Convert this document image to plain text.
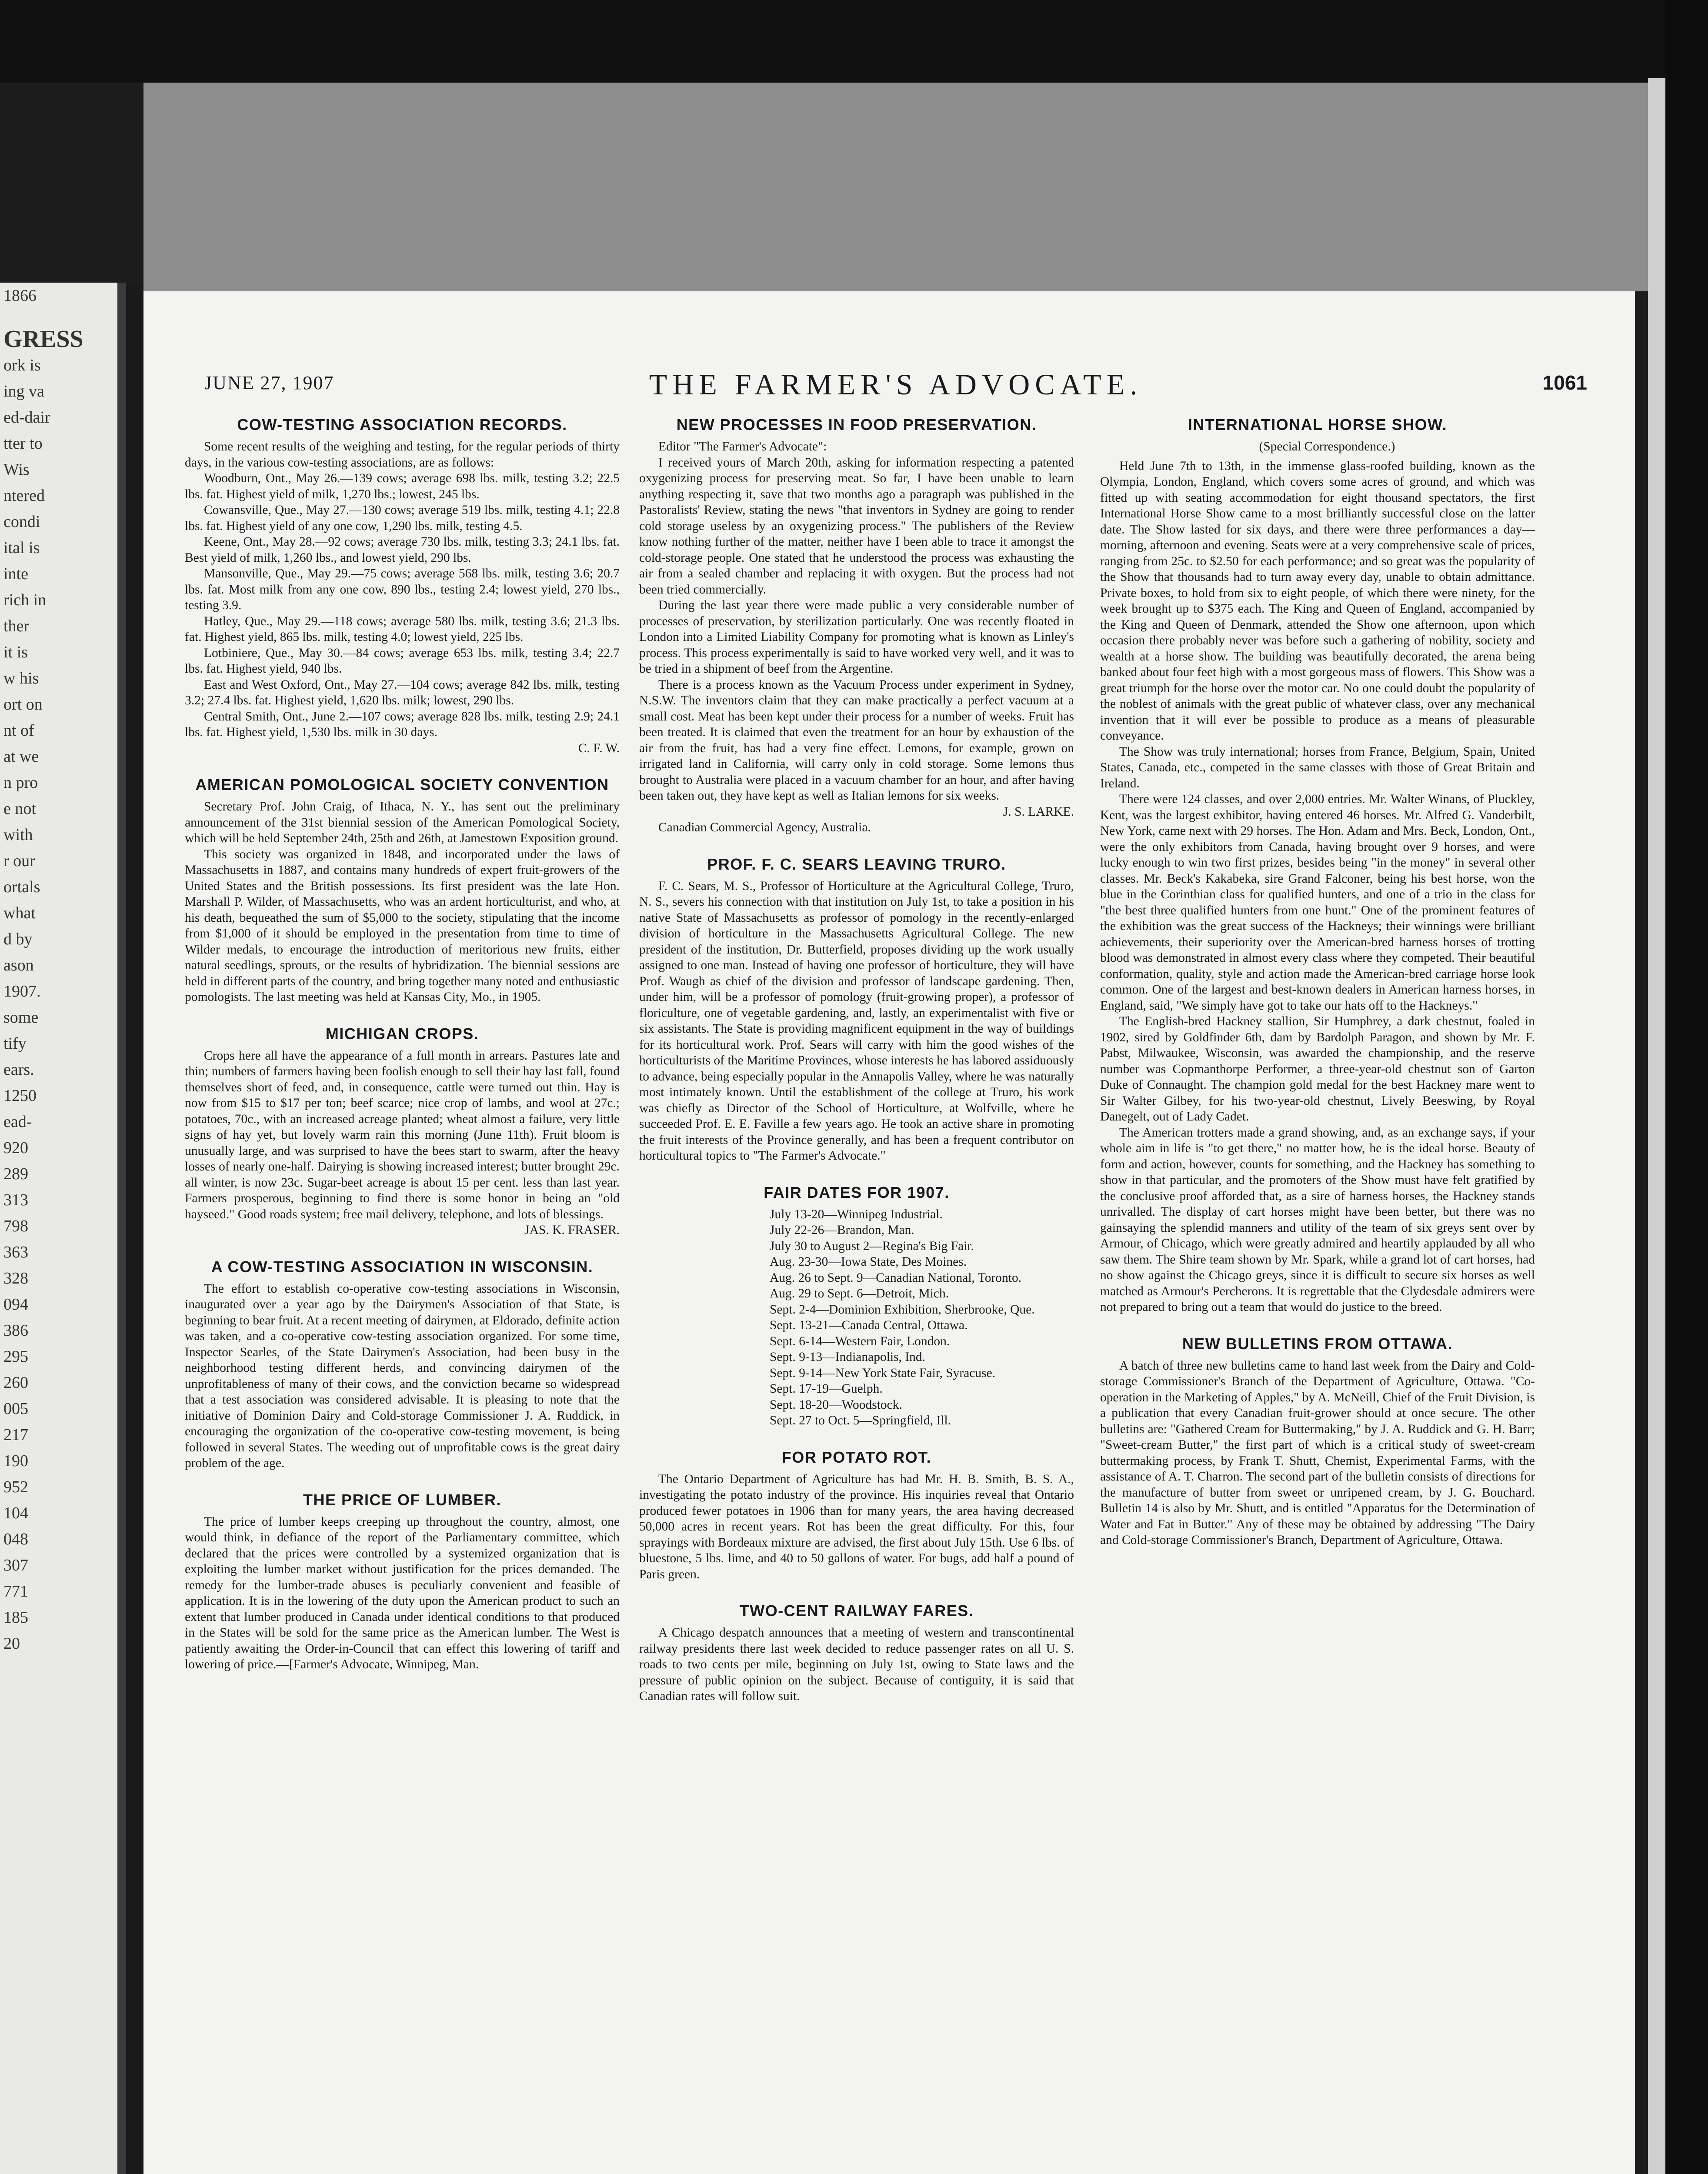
1866
GRESS
ork is
ing va
ed-dair
tter to
Wis
ntered
condi
ital is
inte
rich in
ther
it is
w his
ort on
nt of
at we
n pro
e not
with
r our
ortals
what
d by
ason
1907.
some
tify
ears.
1250
ead-
920
289
313
798
363
328
094
386
295
260
005
217
190
952
104
048
307
771
185
20
JUNE 27, 1907	THE FARMER'S ADVOCATE.	1061
COW-TESTING ASSOCIATION RECORDS.

Some recent results of the weighing and testing, for the regular periods of thirty days, in the various cow-testing associations, are as follows:

Woodburn, Ont., May 26.—139 cows; average 698 lbs. milk, testing 3.2; 22.5 lbs. fat. Highest yield of milk, 1,270 lbs.; lowest, 245 lbs.

Cowansville, Que., May 27.—130 cows; average 519 lbs. milk, testing 4.1; 22.8 lbs. fat. Highest yield of any one cow, 1,290 lbs. milk, testing 4.5.

Keene, Ont., May 28.—92 cows; average 730 lbs. milk, testing 3.3; 24.1 lbs. fat. Best yield of milk, 1,260 lbs., and lowest yield, 290 lbs.

Mansonville, Que., May 29.—75 cows; average 568 lbs. milk, testing 3.6; 20.7 lbs. fat. Most milk from any one cow, 890 lbs., testing 2.4; lowest yield, 270 lbs., testing 3.9.

Hatley, Que., May 29.—118 cows; average 580 lbs. milk, testing 3.6; 21.3 lbs. fat. Highest yield, 865 lbs. milk, testing 4.0; lowest yield, 225 lbs.

Lotbiniere, Que., May 30.—84 cows; average 653 lbs. milk, testing 3.4; 22.7 lbs. fat. Highest yield, 940 lbs.

East and West Oxford, Ont., May 27.—104 cows; average 842 lbs. milk, testing 3.2; 27.4 lbs. fat. Highest yield, 1,620 lbs. milk; lowest, 290 lbs.

Central Smith, Ont., June 2.—107 cows; average 828 lbs. milk, testing 2.9; 24.1 lbs. fat. Highest yield, 1,530 lbs. milk in 30 days.

C. F. W.

AMERICAN POMOLOGICAL SOCIETY CONVENTION

Secretary Prof. John Craig, of Ithaca, N. Y., has sent out the preliminary announcement of the 31st biennial session of the American Pomological Society, which will be held September 24th, 25th and 26th, at Jamestown Exposition ground.

This society was organized in 1848, and incorporated under the laws of Massachusetts in 1887, and contains many hundreds of expert fruit-growers of the United States and the British possessions. Its first president was the late Hon. Marshall P. Wilder, of Massachusetts, who was an ardent horticulturist, and who, at his death, bequeathed the sum of $5,000 to the society, stipulating that the income from $1,000 of it should be employed in the presentation from time to time of Wilder medals, to encourage the introduction of meritorious new fruits, either natural seedlings, sprouts, or the results of hybridization. The biennial sessions are held in different parts of the country, and bring together many noted and enthusiastic pomologists. The last meeting was held at Kansas City, Mo., in 1905.

MICHIGAN CROPS.

Crops here all have the appearance of a full month in arrears. Pastures late and thin; numbers of farmers having been foolish enough to sell their hay last fall, found themselves short of feed, and, in consequence, cattle were turned out thin. Hay is now from $15 to $17 per ton; beef scarce; nice crop of lambs, and wool at 27c.; potatoes, 70c., with an increased acreage planted; wheat almost a failure, very little signs of hay yet, but lovely warm rain this morning (June 11th). Fruit bloom is unusually large, and was surprised to have the bees start to swarm, after the heavy losses of nearly one-half. Dairying is showing increased interest; butter brought 29c. all winter, is now 23c. Sugar-beet acreage is about 15 per cent. less than last year. Farmers prosperous, beginning to find there is some honor in being an "old hayseed." Good roads system; free mail delivery, telephone, and lots of blessings.

JAS. K. FRASER.

A COW-TESTING ASSOCIATION IN WISCONSIN.

The effort to establish co-operative cow-testing associations in Wisconsin, inaugurated over a year ago by the Dairymen's Association of that State, is beginning to bear fruit. At a recent meeting of dairymen, at Eldorado, definite action was taken, and a co-operative cow-testing association organized. For some time, Inspector Searles, of the State Dairymen's Association, had been busy in the neighborhood testing different herds, and convincing dairymen of the unprofitableness of many of their cows, and the conviction became so widespread that a test association was considered advisable. It is pleasing to note that the initiative of Dominion Dairy and Cold-storage Commissioner J. A. Ruddick, in encouraging the organization of the co-operative cow-testing movement, is being followed in several States. The weeding out of unprofitable cows is the great dairy problem of the age.

THE PRICE OF LUMBER.

The price of lumber keeps creeping up throughout the country, almost, one would think, in defiance of the report of the Parliamentary committee, which declared that the prices were controlled by a systemized organization that is exploiting the lumber market without justification for the prices demanded. The remedy for the lumber-trade abuses is peculiarly convenient and feasible of application. It is in the lowering of the duty upon the American product to such an extent that lumber produced in Canada under identical conditions to that produced in the States will be sold for the same price as the American lumber. The West is patiently awaiting the Order-in-Council that can effect this lowering of tariff and lowering of price.—[Farmer's Advocate, Winnipeg, Man.

NEW PROCESSES IN FOOD PRESERVATION.

Editor "The Farmer's Advocate":

I received yours of March 20th, asking for information respecting a patented oxygenizing process for preserving meat. So far, I have been unable to learn anything respecting it, save that two months ago a paragraph was published in the Pastoralists' Review, stating the news "that inventors in Sydney are going to render cold storage useless by an oxygenizing process." The publishers of the Review know nothing further of the matter, neither have I been able to trace it amongst the cold-storage people. One stated that he understood the process was exhausting the air from a sealed chamber and replacing it with oxygen. But the process had not been tried commercially.

During the last year there were made public a very considerable number of processes of preservation, by sterilization particularly. One was recently floated in London into a Limited Liability Company for promoting what is known as Linley's process. This process experimentally is said to have worked very well, and it was to be tried in a shipment of beef from the Argentine.

There is a process known as the Vacuum Process under experiment in Sydney, N.S.W. The inventors claim that they can make practically a perfect vacuum at a small cost. Meat has been kept under their process for a number of weeks. Fruit has been treated. It is claimed that even the treatment for an hour by exhaustion of the air from the fruit, has had a very fine effect. Lemons, for example, grown on irrigated land in California, will carry only in cold storage. Some lemons thus brought to Australia were placed in a vacuum chamber for an hour, and after having been taken out, they have kept as well as Italian lemons for six weeks.

J. S. LARKE.

Canadian Commercial Agency, Australia.

PROF. F. C. SEARS LEAVING TRURO.

F. C. Sears, M. S., Professor of Horticulture at the Agricultural College, Truro, N. S., severs his connection with that institution on July 1st, to take a position in his native State of Massachusetts as professor of pomology in the recently-enlarged division of horticulture in the Massachusetts Agricultural College. The new president of the institution, Dr. Butterfield, proposes dividing up the work usually assigned to one man. Instead of having one professor of horticulture, they will have Prof. Waugh as chief of the division and professor of landscape gardening. Then, under him, will be a professor of pomology (fruit-growing proper), a professor of floriculture, one of vegetable gardening, and, lastly, an experimentalist with five or six assistants. The State is providing magnificent equipment in the way of buildings for its horticultural work. Prof. Sears will carry with him the good wishes of the horticulturists of the Maritime Provinces, whose interests he has labored assiduously to advance, being especially popular in the Annapolis Valley, where he was naturally most intimately known. Until the establishment of the college at Truro, his work was chiefly as Director of the School of Horticulture, at Wolfville, where he succeeded Prof. E. E. Faville a few years ago. He took an active share in promoting the fruit interests of the Province generally, and has been a frequent contributor on horticultural topics to "The Farmer's Advocate."

FAIR DATES FOR 1907.

July 13-20—Winnipeg Industrial.

July 22-26—Brandon, Man.

July 30 to August 2—Regina's Big Fair.

Aug. 23-30—Iowa State, Des Moines.

Aug. 26 to Sept. 9—Canadian National, Toronto.

Aug. 29 to Sept. 6—Detroit, Mich.

Sept. 2-4—Dominion Exhibition, Sherbrooke, Que.

Sept. 13-21—Canada Central, Ottawa.

Sept. 6-14—Western Fair, London.

Sept. 9-13—Indianapolis, Ind.

Sept. 9-14—New York State Fair, Syracuse.

Sept. 17-19—Guelph.

Sept. 18-20—Woodstock.

Sept. 27 to Oct. 5—Springfield, Ill.

FOR POTATO ROT.

The Ontario Department of Agriculture has had Mr. H. B. Smith, B. S. A., investigating the potato industry of the province. His inquiries reveal that Ontario produced fewer potatoes in 1906 than for many years, the area having decreased 50,000 acres in recent years. Rot has been the great difficulty. For this, four sprayings with Bordeaux mixture are advised, the first about July 15th. Use 6 lbs. of bluestone, 5 lbs. lime, and 40 to 50 gallons of water. For bugs, add half a pound of Paris green.

TWO-CENT RAILWAY FARES.

A Chicago despatch announces that a meeting of western and transcontinental railway presidents there last week decided to reduce passenger rates on all U. S. roads to two cents per mile, beginning on July 1st, owing to State laws and the pressure of public opinion on the subject. Because of contiguity, it is said that Canadian rates will follow suit.

INTERNATIONAL HORSE SHOW.

(Special Correspondence.)

Held June 7th to 13th, in the immense glass-roofed building, known as the Olympia, London, England, which covers some acres of ground, and which was fitted up with seating accommodation for eight thousand spectators, the first International Horse Show came to a most brilliantly successful close on the latter date. The Show lasted for six days, and there were three performances a day—morning, afternoon and evening. Seats were at a very comprehensive scale of prices, ranging from 25c. to $2.50 for each performance; and so great was the popularity of the Show that thousands had to turn away every day, unable to obtain admittance. Private boxes, to hold from six to eight people, of which there were ninety, for the week brought up to $375 each. The King and Queen of England, accompanied by the King and Queen of Denmark, attended the Show one afternoon, upon which occasion there probably never was before such a gathering of nobility, society and wealth at a horse show. The building was beautifully decorated, the arena being banked about four feet high with a most gorgeous mass of flowers. This Show was a great triumph for the horse over the motor car. No one could doubt the popularity of the noblest of animals with the great public of whatever class, over any mechanical invention that it will ever be possible to produce as a means of pleasurable conveyance.

The Show was truly international; horses from France, Belgium, Spain, United States, Canada, etc., competed in the same classes with those of Great Britain and Ireland.

There were 124 classes, and over 2,000 entries. Mr. Walter Winans, of Pluckley, Kent, was the largest exhibitor, having entered 46 horses. Mr. Alfred G. Vanderbilt, New York, came next with 29 horses. The Hon. Adam and Mrs. Beck, London, Ont., were the only exhibitors from Canada, having brought over 9 horses, and were lucky enough to win two first prizes, besides being "in the money" in several other classes. Mr. Beck's Kakabeka, sire Grand Falconer, being his best horse, won the blue in the Corinthian class for qualified hunters, and one of a trio in the class for "the best three qualified hunters from one hunt." One of the prominent features of the exhibition was the great success of the Hackneys; their winnings were brilliant achievements, their superiority over the American-bred harness horses of trotting blood was demonstrated in almost every class where they competed. Their beautiful conformation, quality, style and action made the American-bred carriage horse look common. One of the largest and best-known dealers in American harness horses, in England, said, "We simply have got to take our hats off to the Hackneys."

The English-bred Hackney stallion, Sir Humphrey, a dark chestnut, foaled in 1902, sired by Goldfinder 6th, dam by Bardolph Paragon, and shown by Mr. F. Pabst, Milwaukee, Wisconsin, was awarded the championship, and the reserve number was Copmanthorpe Performer, a three-year-old chestnut son of Garton Duke of Connaught. The champion gold medal for the best Hackney mare went to Sir Walter Gilbey, for his two-year-old chestnut, Lively Beeswing, by Royal Danegelt, out of Lady Cadet.

The American trotters made a grand showing, and, as an exchange says, if your whole aim in life is "to get there," no matter how, he is the ideal horse. Beauty of form and action, however, counts for something, and the Hackney has something to show in that particular, and the promoters of the Show must have felt gratified by the conclusive proof afforded that, as a sire of harness horses, the Hackney stands unrivalled. The display of cart horses might have been better, but there was no gainsaying the splendid manners and utility of the team of six greys sent over by Armour, of Chicago, which were greatly admired and heartily applauded by all who saw them. The Shire team shown by Mr. Spark, while a grand lot of cart horses, had no show against the Chicago greys, since it is difficult to secure six horses as well matched as Armour's Percherons. It is regrettable that the Clydesdale admirers were not prepared to bring out a team that would do justice to the breed.

NEW BULLETINS FROM OTTAWA.

A batch of three new bulletins came to hand last week from the Dairy and Cold-storage Commissioner's Branch of the Department of Agriculture, Ottawa. "Co-operation in the Marketing of Apples," by A. McNeill, Chief of the Fruit Division, is a publication that every Canadian fruit-grower should at once secure. The other bulletins are: "Gathered Cream for Buttermaking," by J. A. Ruddick and G. H. Barr; "Sweet-cream Butter," the first part of which is a critical study of sweet-cream buttermaking process, by Frank T. Shutt, Chemist, Experimental Farms, with the assistance of A. T. Charron. The second part of the bulletin consists of directions for the manufacture of butter from sweet or unripened cream, by J. G. Bouchard. Bulletin 14 is also by Mr. Shutt, and is entitled "Apparatus for the Determination of Water and Fat in Butter." Any of these may be obtained by addressing "The Dairy and Cold-storage Commissioner's Branch, Department of Agriculture, Ottawa.
